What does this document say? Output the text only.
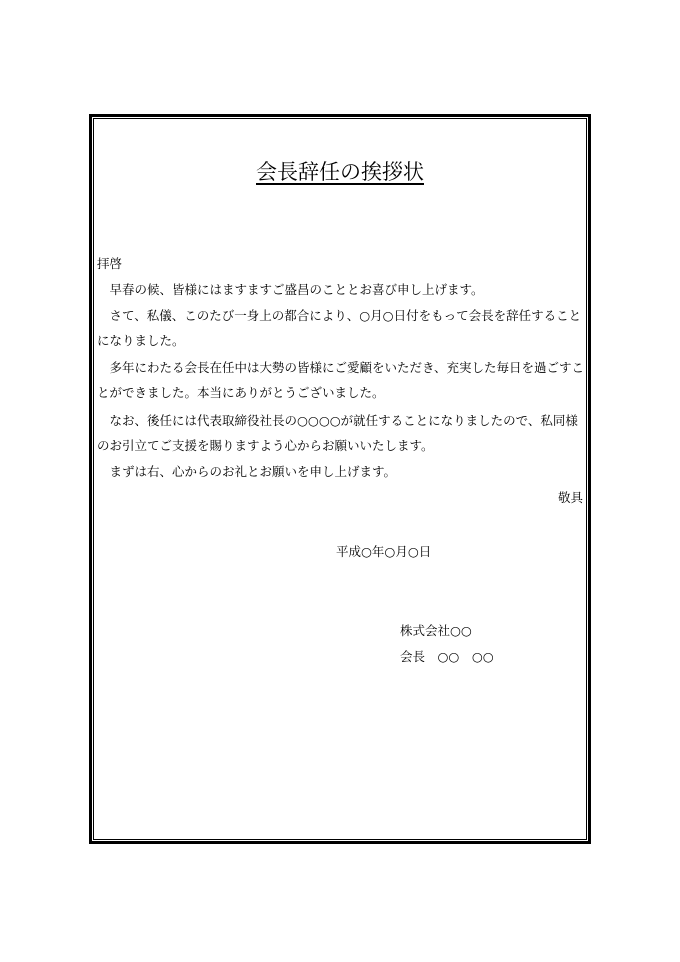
会長辞任の挨拶状
拝啓
　早春の候、皆様にはますますご盛昌のこととお喜び申し上げます。
　さて、私儀、このたび一身上の都合により、○月○日付をもって会長を辞任すること
になりました。
　多年にわたる会長在任中は大勢の皆様にご愛顧をいただき、充実した毎日を過ごすこ
とができました。本当にありがとうございました。
　なお、後任には代表取締役社長の○○○○が就任することになりましたので、私同様
のお引立てご支援を賜りますよう心からお願いいたします。
　まずは右、心からのお礼とお願いを申し上げます。
敬具
平成○年○月○日
株式会社○○
会長　○○　○○
